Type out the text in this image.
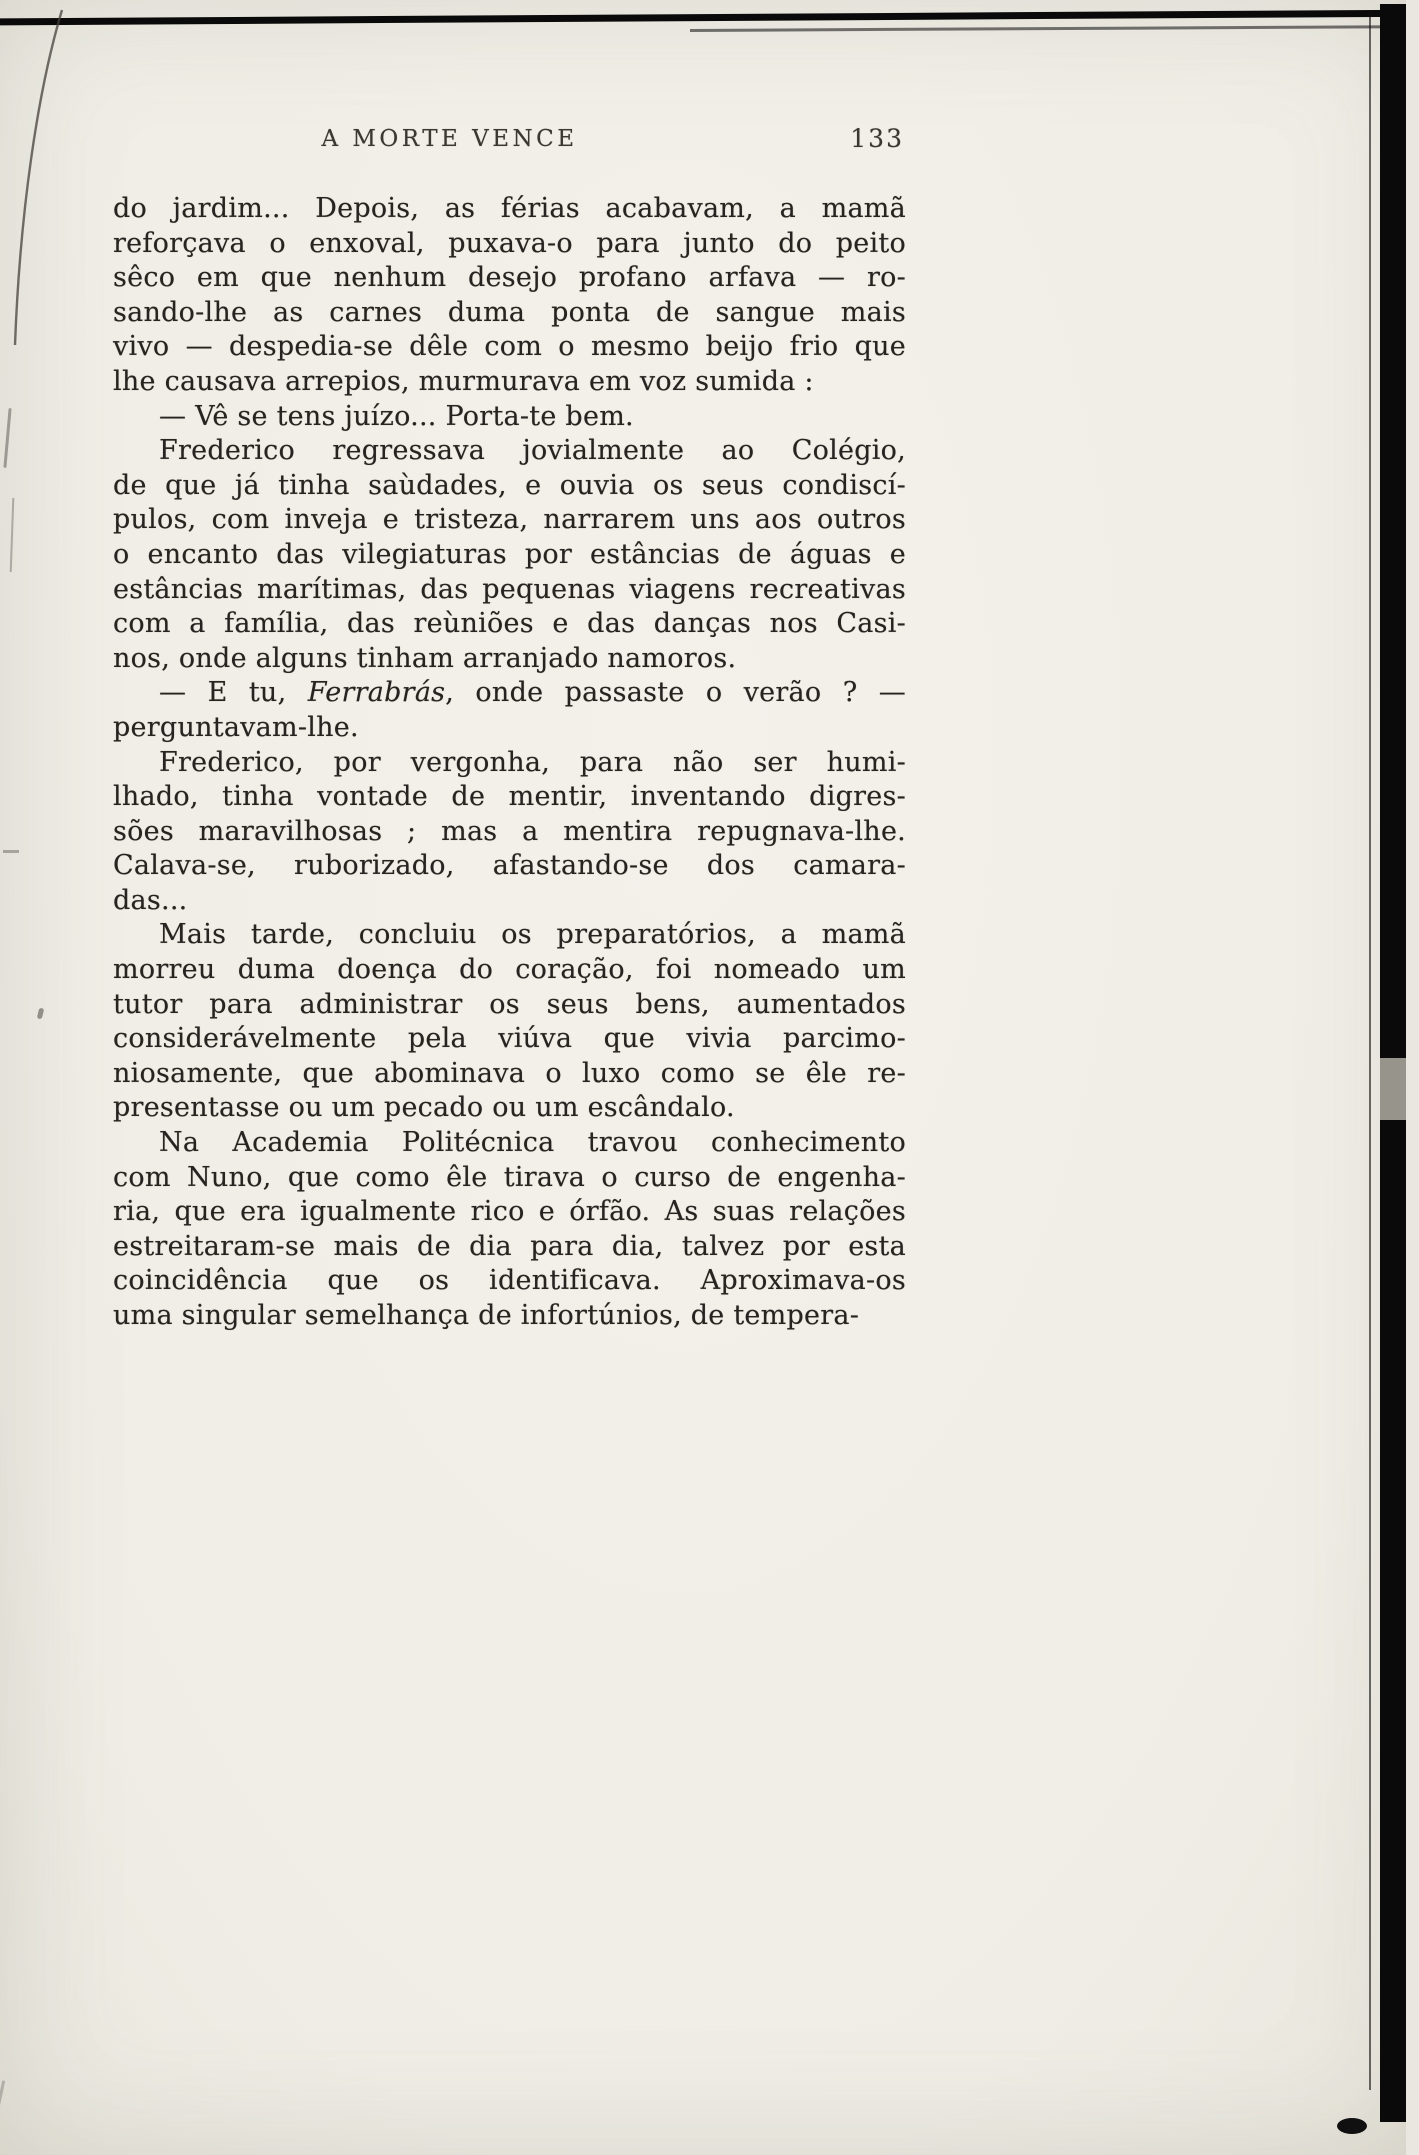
A MORTE VENCE	133

do jardim... Depois, as férias acabavam, a mamã
reforçava o enxoval, puxava-o para junto do peito
sêco em que nenhum desejo profano arfava — ro-
sando-lhe as carnes duma ponta de sangue mais
vivo — despedia-se dêle com o mesmo beijo frio que
lhe causava arrepios, murmurava em voz sumida :

— Vê se tens juízo... Porta-te bem.

Frederico regressava jovialmente ao Colégio,
de que já tinha saùdades, e ouvia os seus condiscí-
pulos, com inveja e tristeza, narrarem uns aos outros
o encanto das vilegiaturas por estâncias de águas e
estâncias marítimas, das pequenas viagens recreativas
com a família, das reùniões e das danças nos Casi-
nos, onde alguns tinham arranjado namoros.

— E tu, Ferrabrás, onde passaste o verão ? —
perguntavam-lhe.

Frederico, por vergonha, para não ser humi-
lhado, tinha vontade de mentir, inventando digres-
sões maravilhosas ; mas a mentira repugnava-lhe.
Calava-se, ruborizado, afastando-se dos camara-
das...

Mais tarde, concluiu os preparatórios, a mamã
morreu duma doença do coração, foi nomeado um
tutor para administrar os seus bens, aumentados
considerávelmente pela viúva que vivia parcimo-
niosamente, que abominava o luxo como se êle re-
presentasse ou um pecado ou um escândalo.

Na Academia Politécnica travou conhecimento
com Nuno, que como êle tirava o curso de engenha-
ria, que era igualmente rico e órfão. As suas relações
estreitaram-se mais de dia para dia, talvez por esta
coincidência que os identificava. Aproximava-os
uma singular semelhança de infortúnios, de tempera-
